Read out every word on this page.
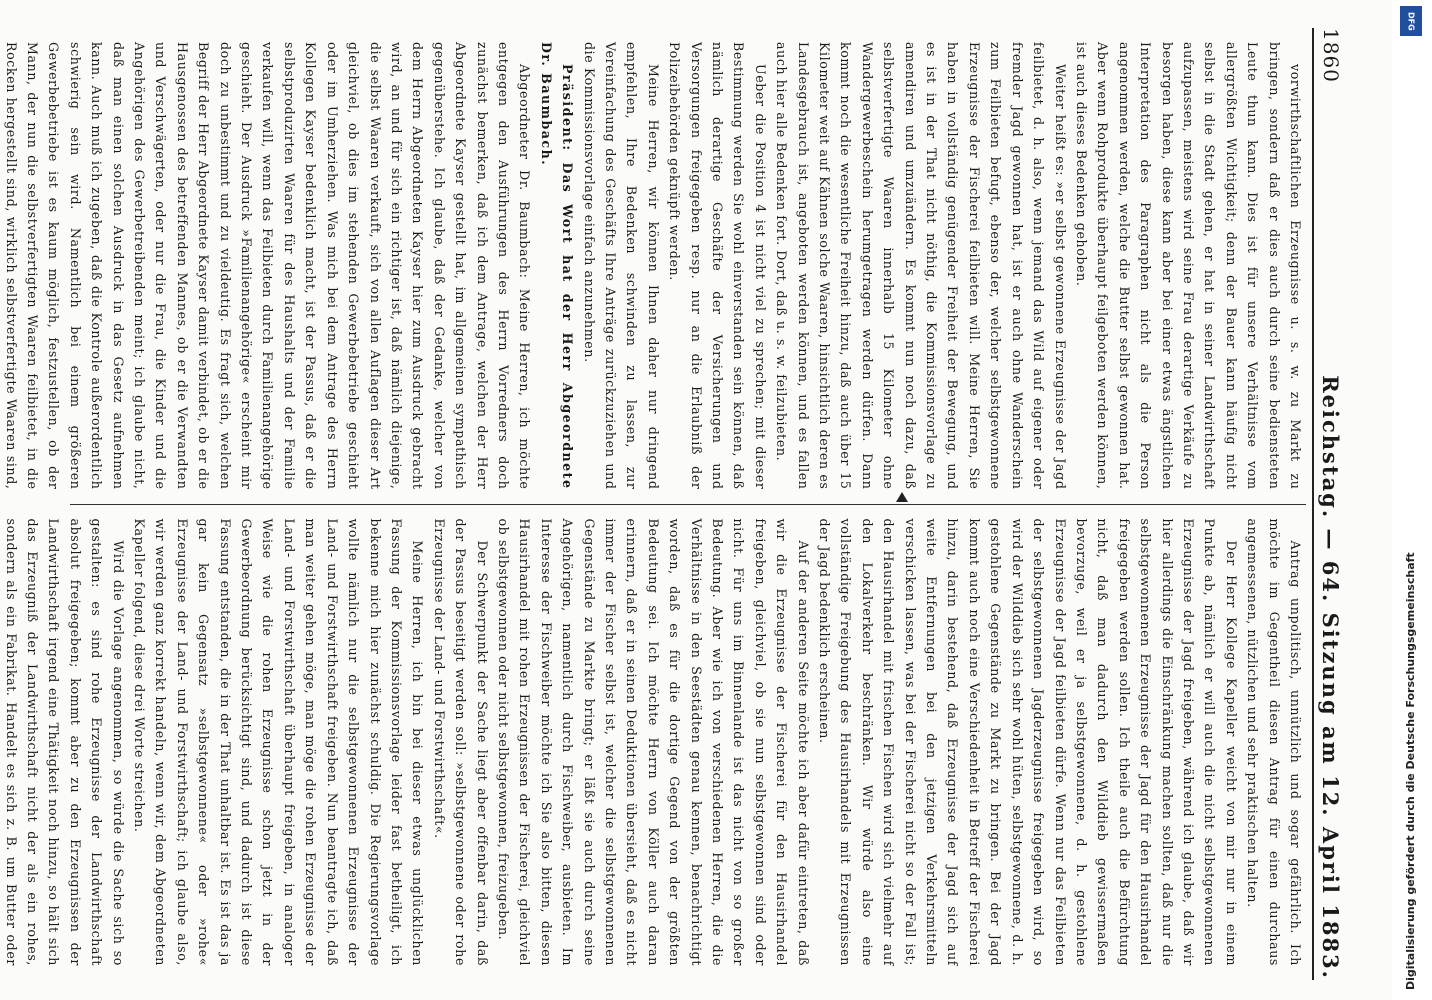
1860
Reichstag. — 64. Sitzung am 12. April 1883.

vorwirthschaftlichen Erzeugnisse u. s. w. zu Markt zu bringen, sondern daß er dies auch durch seine bediensteten Leute thun kann. Dies ist für unsere Verhältnisse vom allergrößten Wichtigkeit; denn der Bauer kann häufig nicht selbst in die Stadt gehen, er hat in seiner Landwirthschaft aufzupassen, meistens wird seine Frau derartige Verkäufe zu besorgen haben, diese kann aber bei einer etwas ängstlichen Interpretation des Paragraphen nicht als die Person angenommen werden, welche die Butter selbst gewonnen hat. Aber wenn Rohprodukte überhaupt feilgeboten werden können, ist auch dieses Bedenken gehoben.

Weiter heißt es: »er selbst gewonnene Erzeugnisse der Jagd feilbietet, d. h. also, wenn jemand das Wild auf eigener oder fremder Jagd gewonnen hat, ist er auch ohne Wanderschein zum Feilbieten befugt, ebenso der, welcher selbstgewonnene Erzeugnisse der Fischerei feilbieten will. Meine Herren, Sie haben in vollständig genügender Freiheit der Bewegung, und es ist in der That nicht nöthig, die Kommissionsvorlage zu amendiren und umzuändern. Es kommt nun noch dazu, daß selbstverfertigte Waaren innerhalb 15 Kilometer ohne Wandergewerbeschein herumgetragen werden dürfen. Dann kommt noch die wesentliche Freiheit hinzu, daß auch über 15 Kilometer weit auf Kähnen solche Waaren, hinsichtlich deren es Landesgebrauch ist, angeboten werden können, und es fallen auch hier alle Bedenken fort. Dort, daß u. s. w. feilzubieten.

Ueber die Position 4 ist nicht viel zu sprechen; mit dieser Bestimmung werden Sie wohl einverstanden sein können, daß nämlich derartige Geschäfte der Versicherungen und Versorgungen freigegeben resp. nur an die Erlaubniß der Polizeibehörden geknüpft werden.

Meine Herren, wir können Ihnen daher nur dringend empfehlen, Ihre Bedenken schwinden zu lassen, zur Vereinfachung des Geschäfts Ihre Anträge zurückzuziehen und die Kommissionsvorlage einfach anzunehmen.

Präsident: Das Wort hat der Herr Abgeordnete Dr. Baumbach.

Abgeordneter Dr. Baumbach: Meine Herren, ich möchte entgegen den Ausführungen des Herrn Vorredners doch zunächst bemerken, daß ich dem Antrage, welchen der Herr Abgeordnete Kayser gestellt hat, im allgemeinen sympathisch gegenüberstehe. Ich glaube, daß der Gedanke, welcher von dem Herrn Abgeordneten Kayser hier zum Ausdruck gebracht wird, an und für sich ein richtiger ist, daß nämlich diejenige, die selbst Waaren verkauft, sich von allen Auflagen dieser Art gleichviel, ob dies im stehenden Gewerbebetriebe geschieht oder im Umherziehen. Was mich bei dem Antrage des Herrn Kollegen Kayser bedenklich macht, ist der Passus, daß er die selbstproduzirten Waaren für des Haushalts und der Familie verkaufen will, wenn das Feilbieten durch Familienangehörige geschieht. Der Ausdruck »Familienangehörige« erscheint mir doch zu unbestimmt und zu vieldeutig. Es fragt sich, welchen Begriff der Herr Abgeordnete Kayser damit verbindet, ob er die Hausgenossen des betreffenden Mannes, ob er die Verwandten und Verschwägerten, oder nur die Frau, die Kinder und die Angehörigen des Gewerbetreibenden meint; ich glaube nicht, daß man einen solchen Ausdruck in das Gesetz aufnehmen kann. Auch muß ich zugeben, daß die Kontrole außerordentlich schwierig sein wird. Namentlich bei einem größeren Gewerbebetriebe ist es kaum möglich, festzustellen, ob der Mann, der nun die selbstverfertigten Waaren feilbietet, in die Rocken hergestellt sind, wirklich selbstverfertigte Waaren sind,

Antrag unpolitisch, unnützlich und sogar gefährlich. Ich möchte im Gegentheil diesen Antrag für einen durchaus angemessenen, nützlichen und sehr praktischen halten.

Der Herr Kollege Kapeller weicht von mir nur in einem Punkte ab, nämlich er will auch die nicht selbstgewonnenen Erzeugnisse der Jagd freigeben, während ich glaube, daß wir hier allerdings die Einschränkung machen sollten, daß nur die selbstgewonnenen Erzeugnisse der Jagd für den Hausirhandel freigegeben werden sollen. Ich theile auch die Befürchtung nicht, daß man dadurch den Wilddieb gewissermaßen bevorzuge, weil er ja selbstgewonnene, d. h. gestohlene Erzeugnisse der Jagd feilbieten dürfe. Wenn nur das Feilbieten der selbstgewonnenen Jagderzeugnisse freigegeben wird, so wird der Wilddieb sich sehr wohl hüten, selbstgewonnene, d. h. gestohlene Gegenstände zu Markt zu bringen. Bei der Jagd kommt auch noch eine Verschiedenheit in Betreff der Fischerei hinzu, darin bestehend, daß Erzeugnisse der Jagd sich auf weite Entfernungen bei den jetzigen Verkehrsmitteln verschicken lassen, was bei der Fischerei nicht so der Fall ist; den Hausirhandel mit frischen Fischen wird sich vielmehr auf den Lokalverkehr beschränken. Wir würde also eine vollständige Freigebung des Hausirhandels mit Erzeugnissen der Jagd bedenklich erscheinen.

Auf der anderen Seite möchte ich aber dafür eintreten, daß wir die Erzeugnisse der Fischerei für den Hausirhandel freigeben, gleichviel, ob sie nun selbstgewonnen sind oder nicht. Für uns im Binnenlande ist das nicht von so großer Bedeutung. Aber wie ich von verschiedenen Herren, die die Verhältnisse in den Seestädten genau kennen, benachrichtigt worden, daß es für die dortige Gegend von der größten Bedeutung sei. Ich möchte Herrn von Köller auch daran erinnern, daß er in seinen Deduktionen übersieht, daß es nicht immer der Fischer selbst ist, welcher die selbstgewonnenen Gegenstände zu Markte bringt; er läßt sie auch durch seine Angehörigen, namentlich durch Fischweiber, ausbieten. Im Interesse der Fischweiber möchte ich Sie also bitten, diesen Hausirhandel mit rohen Erzeugnissen der Fischerei, gleichviel ob selbstgewonnen oder nicht selbstgewonnen, freizugeben.

Der Schwerpunkt der Sache liegt aber offenbar darin, daß der Passus beseitigt werden soll: »selbstgewonnene oder rohe Erzeugnisse der Land- und Forstwirthschaft«.

Meine Herren, ich bin bei dieser etwas unglücklichen Fassung der Kommissionsvorlage leider fast betheiligt, ich bekenne mich hier zunächst schuldig. Die Regierungsvorlage wollte nämlich nur die selbstgewonnenen Erzeugnisse der Land- und Forstwirthschaft freigeben. Nun beantragte ich, daß man weiter gehen möge, man möge die rohen Erzeugnisse der Land- und Forstwirthschaft überhaupt freigeben, in analoger Weise wie die rohen Erzeugnisse schon jetzt in der Gewerbeordnung berücksichtigt sind, und dadurch ist diese Fassung entstanden, die in der That unhaltbar ist. Es ist das ja gar kein Gegensatz »selbstgewonnene« oder »rohe« Erzeugnisse der Land- und Forstwirthschaft; ich glaube also, wir werden ganz korrekt handeln, wenn wir, dem Abgeordneten Kapeller folgend, diese drei Worte streichen.

Wird die Vorlage angenommen, so würde die Sache sich so gestalten: es sind rohe Erzeugnisse der Landwirthschaft absolut freigegeben; kommt aber zu den Erzeugnissen der Landwirthschaft irgend eine Thätigkeit noch hinzu, so hält sich das Erzeugniß der Landwirthschaft nicht der als ein rohes, sondern als ein Fabrikat. Handelt es sich z. B. um Butter oder

DFG
Digitalisierung gefördert durch die Deutsche Forschungsgemeinschaft
